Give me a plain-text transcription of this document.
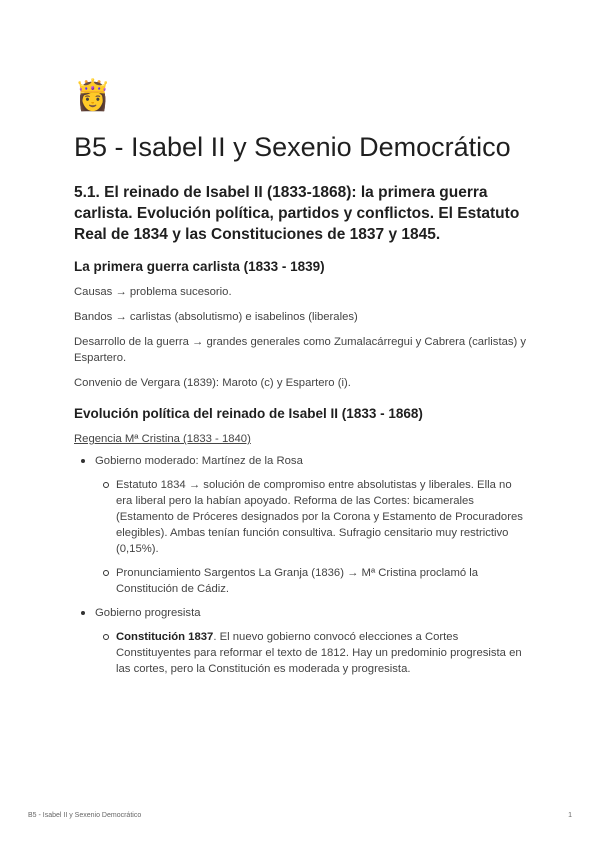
👸
B5 - Isabel II y Sexenio Democrático
5.1. El reinado de Isabel II (1833-1868): la primera guerra carlista. Evolución política, partidos y conflictos. El Estatuto Real de 1834 y las Constituciones de 1837 y 1845.
La primera guerra carlista (1833 - 1839)

Causas → problema sucesorio.

Bandos → carlistas (absolutismo) e isabelinos (liberales)

Desarrollo de la guerra → grandes generales como Zumalacárregui y Cabrera (carlistas) y Espartero.

Convenio de Vergara (1839): Maroto (c) y Espartero (i).

Evolución política del reinado de Isabel II (1833 - 1868)

Regencia Mª Cristina (1833 - 1840)

Gobierno moderado: Martínez de la Rosa
Estatuto 1834 → solución de compromiso entre absolutistas y liberales. Ella no era liberal pero la habían apoyado. Reforma de las Cortes: bicamerales (Estamento de Próceres designados por la Corona y Estamento de Procuradores elegibles). Ambas tenían función consultiva. Sufragio censitario muy restrictivo (0,15%).
Pronunciamiento Sargentos La Granja (1836) → Mª Cristina proclamó la Constitución de Cádiz.
Gobierno progresista
Constitución 1837. El nuevo gobierno convocó elecciones a Cortes Constituyentes para reformar el texto de 1812. Hay un predominio progresista en las cortes, pero la Constitución es moderada y progresista.
B5 - Isabel II y Sexenio Democrático	1
